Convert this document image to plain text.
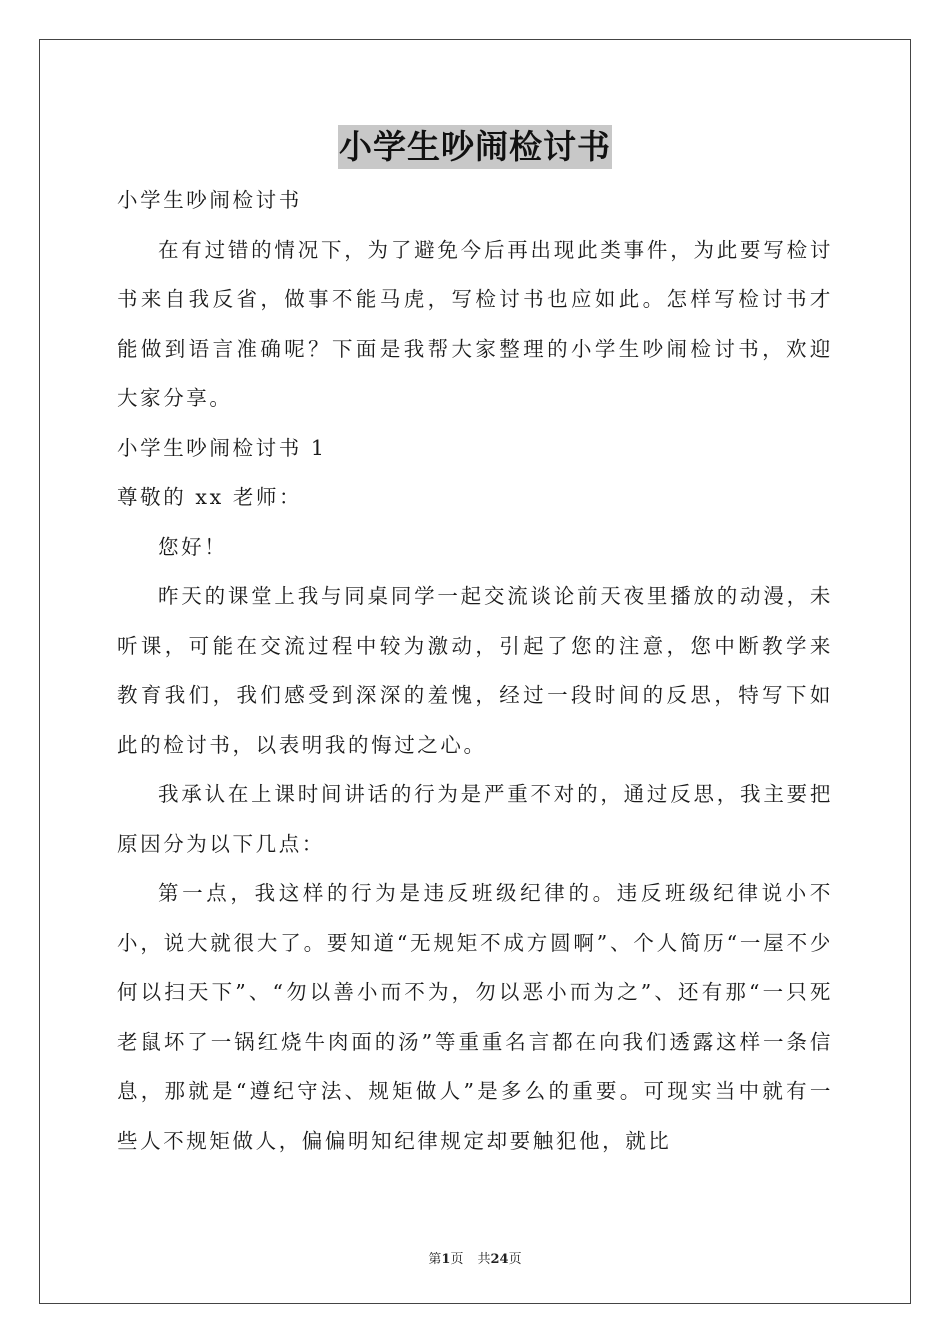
小学生吵闹检讨书

小学生吵闹检讨书

在有过错的情况下，为了避免今后再出现此类事件，为此要写检讨书来自我反省，做事不能马虎，写检讨书也应如此。怎样写检讨书才能做到语言准确呢？下面是我帮大家整理的小学生吵闹检讨书，欢迎大家分享。

小学生吵闹检讨书 1

尊敬的 xx 老师：

您好！

昨天的课堂上我与同桌同学一起交流谈论前天夜里播放的动漫，未听课，可能在交流过程中较为激动，引起了您的注意，您中断教学来教育我们，我们感受到深深的羞愧，经过一段时间的反思，特写下如此的检讨书，以表明我的悔过之心。

我承认在上课时间讲话的行为是严重不对的，通过反思，我主要把原因分为以下几点：

第一点，我这样的行为是违反班级纪律的。违反班级纪律说小不小，说大就很大了。要知道“无规矩不成方圆啊”、个人简历“一屋不少何以扫天下”、“勿以善小而不为，勿以恶小而为之”、还有那“一只死老鼠坏了一锅红烧牛肉面的汤”等重重名言都在向我们透露这样一条信息，那就是“遵纪守法、规矩做人”是多么的重要。可现实当中就有一些人不规矩做人，偏偏明知纪律规定却要触犯他，就比

第1页 共24页
